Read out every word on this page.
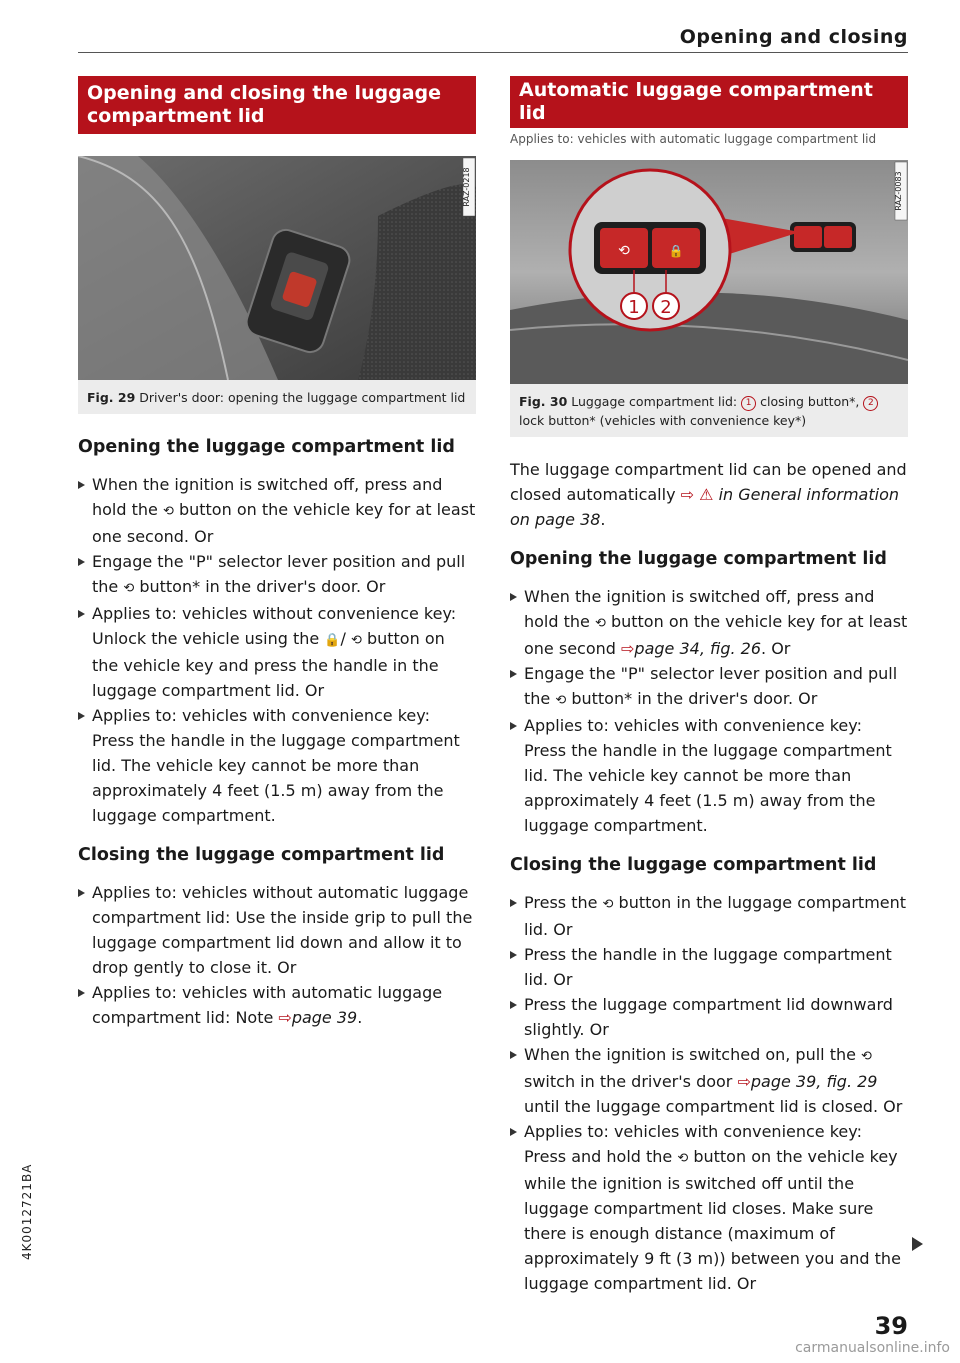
Opening and closing
Opening and closing the luggage compartment lid
RAZ-0218
Fig. 29 Driver's door: opening the luggage compartment lid
Opening the luggage compartment lid
When the ignition is switched off, press and hold the ⟲ button on the vehicle key for at least one second. Or
Engage the "P" selector lever position and pull the ⟲ button* in the driver's door. Or
Applies to: vehicles without convenience key: Unlock the vehicle using the 🔒/ ⟲ button on the vehicle key and press the handle in the luggage compartment lid. Or
Applies to: vehicles with convenience key: Press the handle in the luggage compartment lid. The vehicle key cannot be more than approximately 4 feet (1.5 m) away from the luggage compartment.
Closing the luggage compartment lid
Applies to: vehicles without automatic luggage compartment lid: Use the inside grip to pull the luggage compartment lid down and allow it to drop gently to close it. Or
Applies to: vehicles with automatic luggage compartment lid: Note ⇨page 39.
Automatic luggage compartment lid
Applies to: vehicles with automatic luggage compartment lid
⟲	🔒
1 2
RAZ-0083
Fig. 30 Luggage compartment lid: 1 closing button*, 2 lock button* (vehicles with convenience key*)

The luggage compartment lid can be opened and closed automatically ⇨ ⚠ in General information on page 38.

Opening the luggage compartment lid
When the ignition is switched off, press and hold the ⟲ button on the vehicle key for at least one second ⇨page 34, fig. 26. Or
Engage the "P" selector lever position and pull the ⟲ button* in the driver's door. Or
Applies to: vehicles with convenience key: Press the handle in the luggage compartment lid. The vehicle key cannot be more than approximately 4 feet (1.5 m) away from the luggage compartment.
Closing the luggage compartment lid
Press the ⟲ button in the luggage compartment lid. Or
Press the handle in the luggage compartment lid. Or
Press the luggage compartment lid downward slightly. Or
When the ignition is switched on, pull the ⟲ switch in the driver's door ⇨page 39, fig. 29 until the luggage compartment lid is closed. Or
Applies to: vehicles with convenience key: Press and hold the ⟲ button on the vehicle key while the ignition is switched off until the luggage compartment lid closes. Make sure there is enough distance (maximum of approximately 9 ft (3 m)) between you and the luggage compartment lid. Or
4K0012721BA
39
carmanualsonline.info
